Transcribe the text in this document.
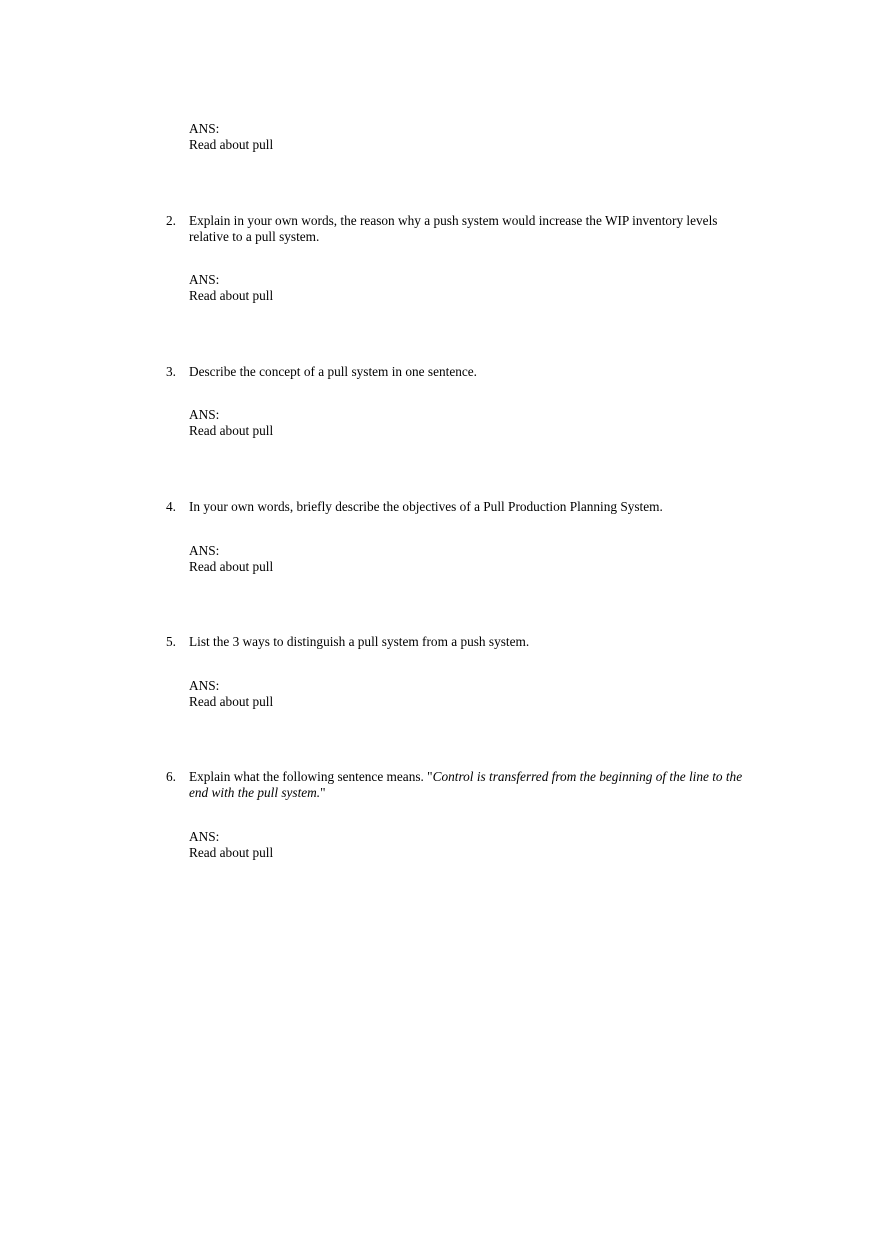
ANS:
Read about pull
2. Explain in your own words, the reason why a push system would increase the WIP inventory levels relative to a pull system.
ANS:
Read about pull
3. Describe the concept of a pull system in one sentence.
ANS:
Read about pull
4. In your own words, briefly describe the objectives of a Pull Production Planning System.
ANS:
Read about pull
5. List the 3 ways to distinguish a pull system from a push system.
ANS:
Read about pull
6. Explain what the following sentence means. "Control is transferred from the beginning of the line to the end with the pull system."
ANS:
Read about pull
